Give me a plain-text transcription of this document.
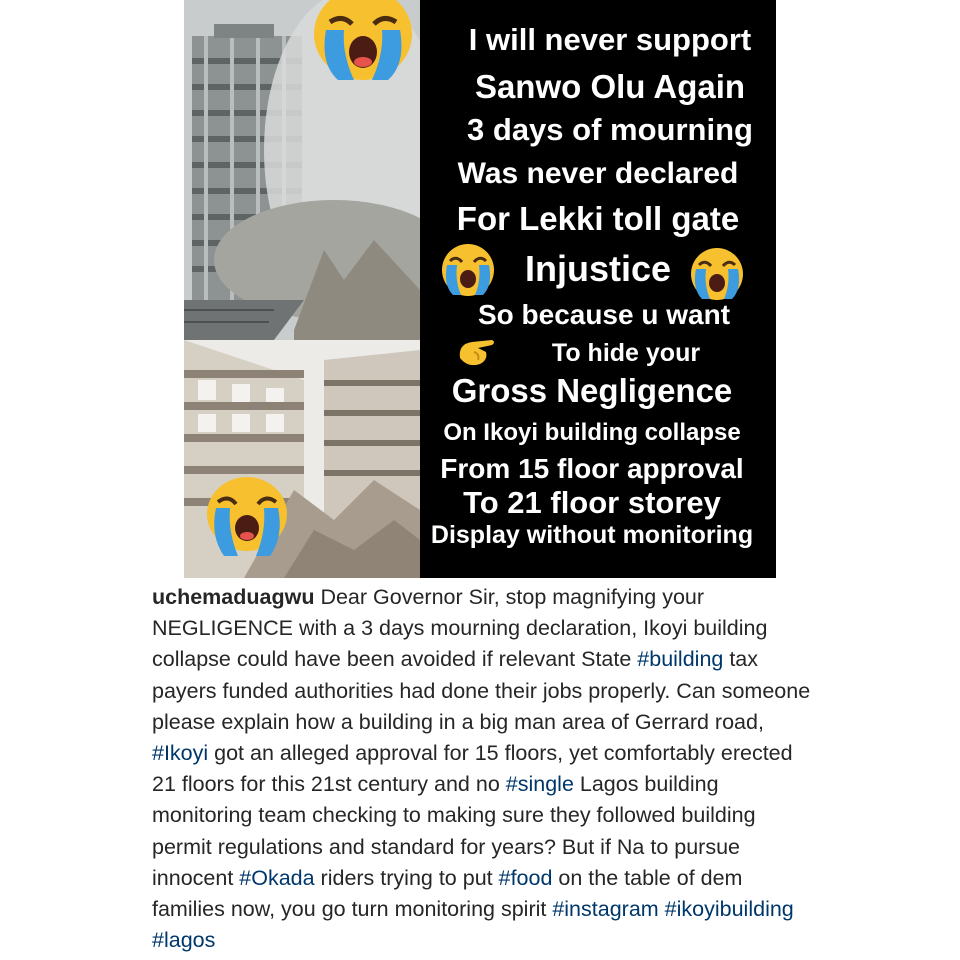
I will never support
Sanwo Olu Again
3 days of mourning
Was never declared
For Lekki toll gate
Injustice
So because u want
To hide your
Gross Negligence
On Ikoyi building collapse
From 15 floor approval
To 21 floor storey
Display without monitoring
uchemaduagwu Dear Governor Sir, stop magnifying your NEGLIGENCE with a 3 days mourning declaration, Ikoyi building collapse could have been avoided if relevant State #building tax payers funded authorities had done their jobs properly. Can someone please explain how a building in a big man area of Gerrard road, #Ikoyi got an alleged approval for 15 floors, yet comfortably erected 21 floors for this 21st century and no #single Lagos building monitoring team checking to making sure they followed building permit regulations and standard for years? But if Na to pursue innocent #Okada riders trying to put #food on the table of dem families now, you go turn monitoring spirit #instagram #ikoyibuilding #lagos
